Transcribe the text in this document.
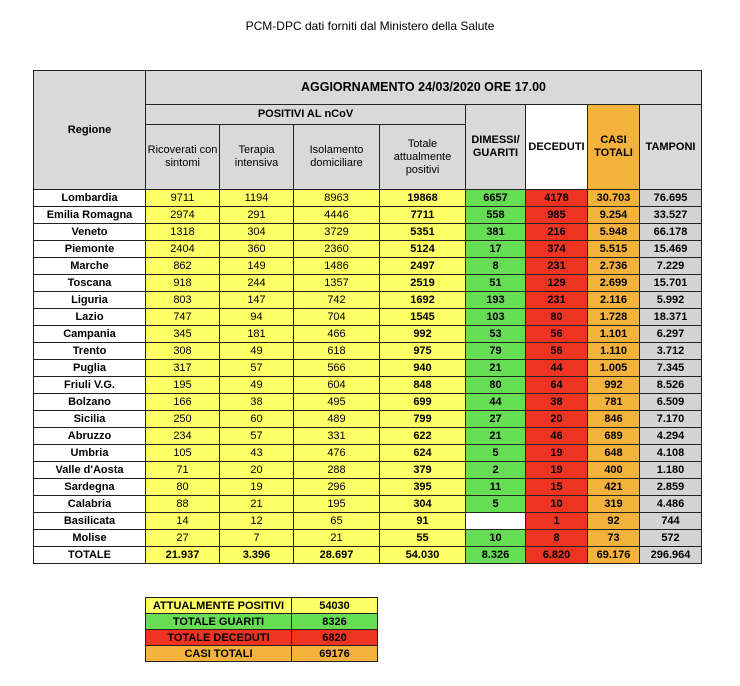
PCM-DPC dati forniti dal Ministero della Salute
Regione	AGGIORNAMENTO 24/03/2020 ORE 17.00							
	POSITIVI AL nCoV				DIMESSI/ GUARITI	DECEDUTI	CASI TOTALI	TAMPONI
	Ricoverati con sintomi	Terapia intensiva	Isolamento domiciliare	Totale attualmente positivi				
Lombardia	9711	1194	8963	19868	6657	4178	30.703	76.695
Emilia Romagna	2974	291	4446	7711	558	985	9.254	33.527
Veneto	1318	304	3729	5351	381	216	5.948	66.178
Piemonte	2404	360	2360	5124	17	374	5.515	15.469
Marche	862	149	1486	2497	8	231	2.736	7.229
Toscana	918	244	1357	2519	51	129	2.699	15.701
Liguria	803	147	742	1692	193	231	2.116	5.992
Lazio	747	94	704	1545	103	80	1.728	18.371
Campania	345	181	466	992	53	56	1.101	6.297
Trento	308	49	618	975	79	56	1.110	3.712
Puglia	317	57	566	940	21	44	1.005	7.345
Friuli V.G.	195	49	604	848	80	64	992	8.526
Bolzano	166	38	495	699	44	38	781	6.509
Sicilia	250	60	489	799	27	20	846	7.170
Abruzzo	234	57	331	622	21	46	689	4.294
Umbria	105	43	476	624	5	19	648	4.108
Valle d'Aosta	71	20	288	379	2	19	400	1.180
Sardegna	80	19	296	395	11	15	421	2.859
Calabria	88	21	195	304	5	10	319	4.486
Basilicata	14	12	65	91		1	92	744
Molise	27	7	21	55	10	8	73	572
TOTALE	21.937	3.396	28.697	54.030	8.326	6.820	69.176	296.964
ATTUALMENTE POSITIVI	54030
TOTALE GUARITI	8326
TOTALE DECEDUTI	6820
CASI TOTALI	69176
